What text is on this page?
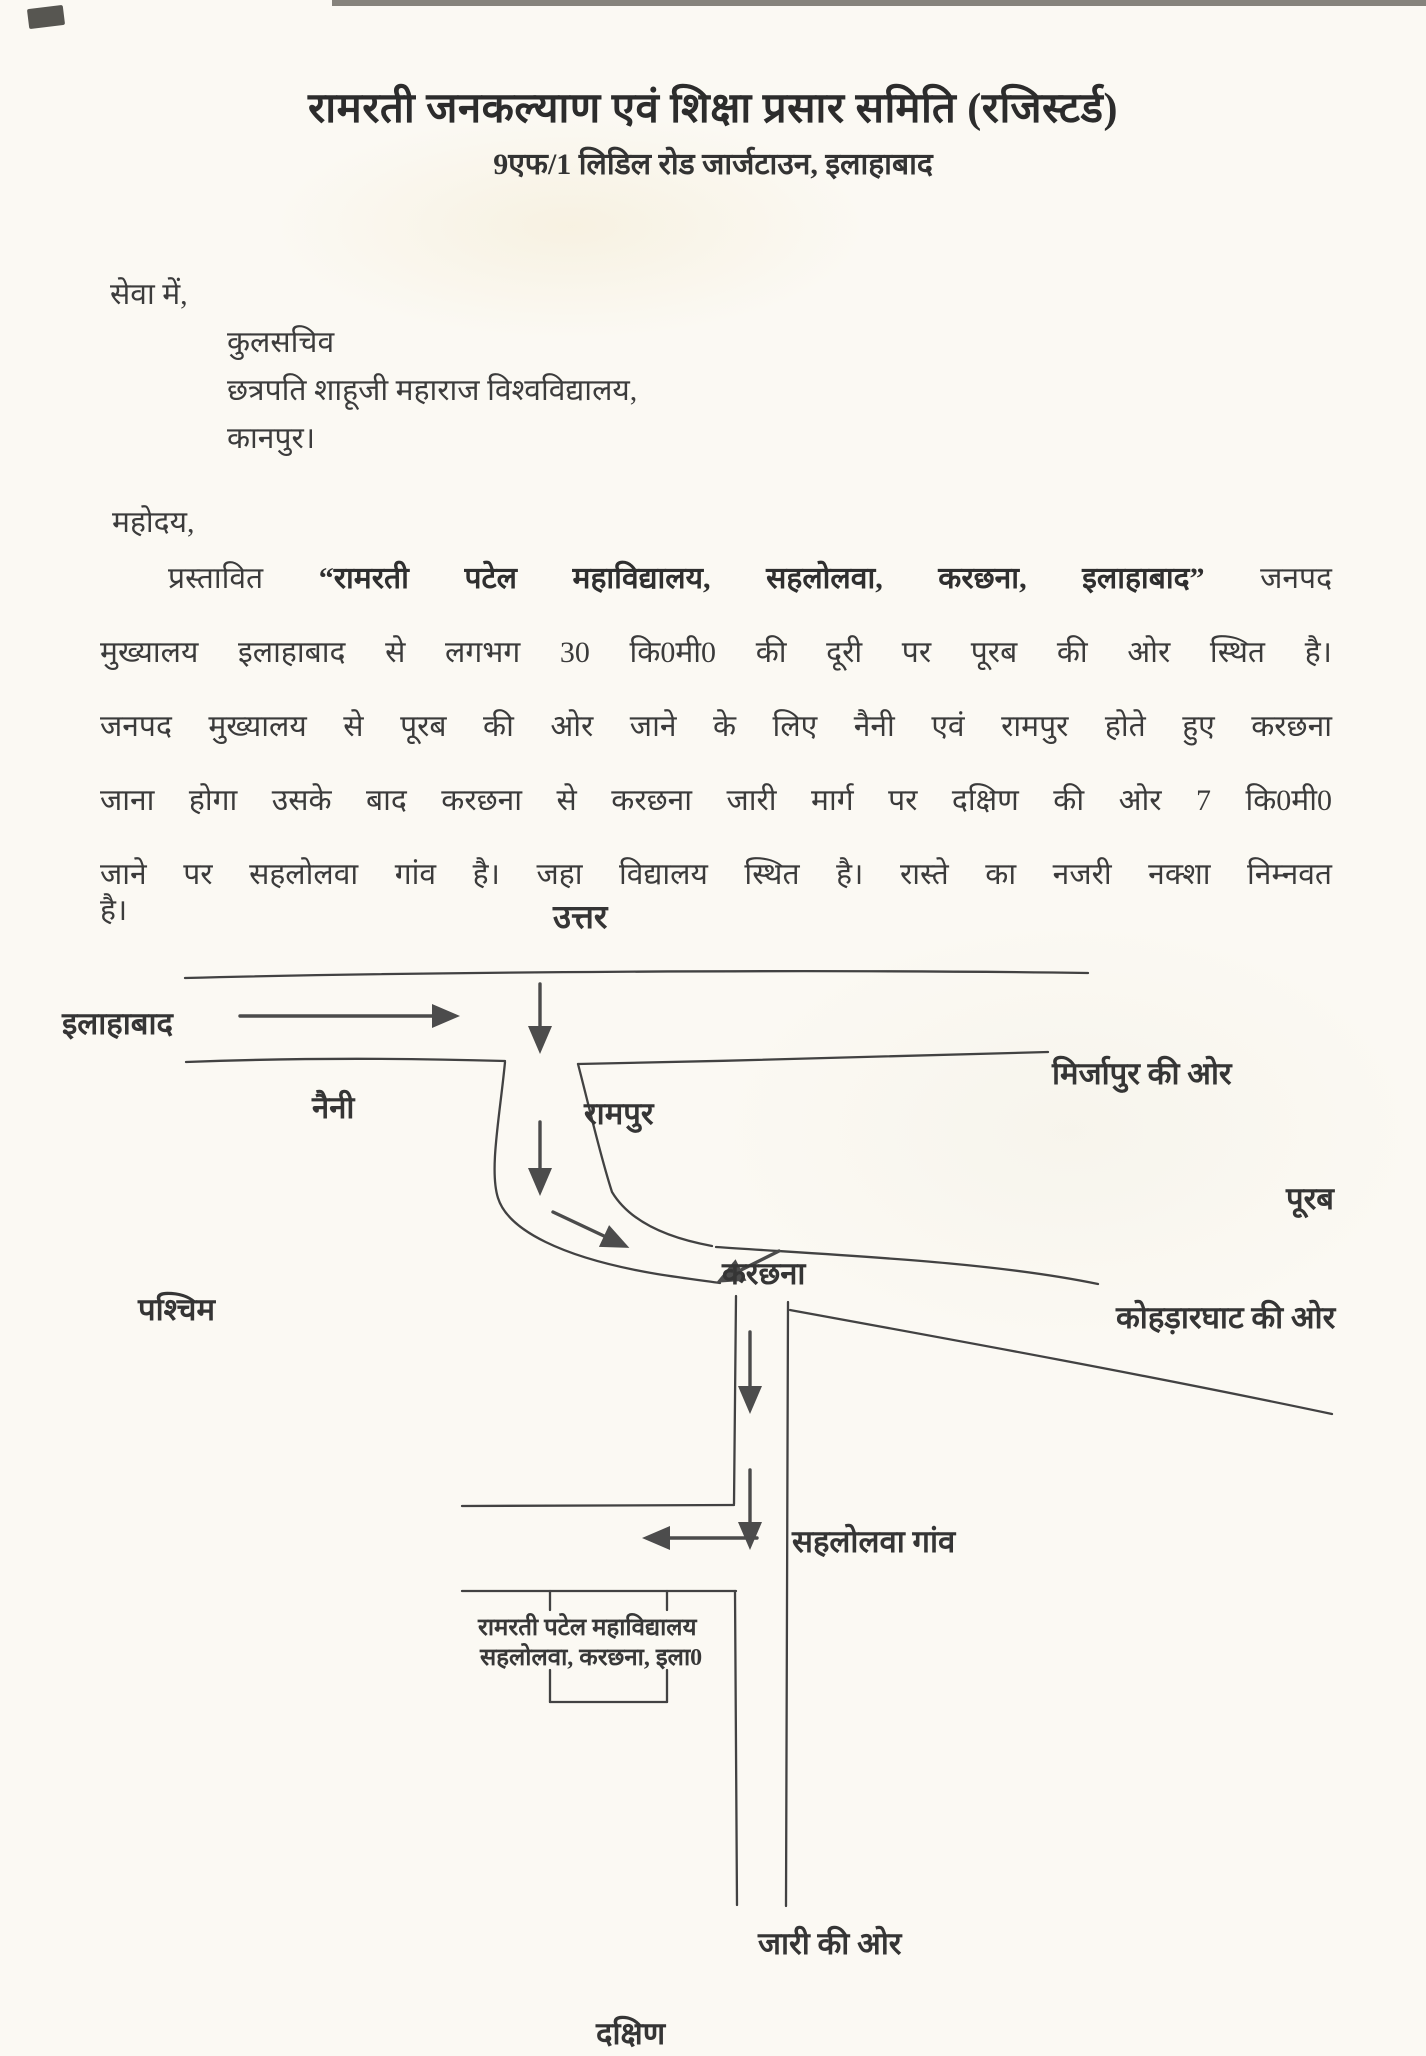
रामरती जनकल्याण एवं शिक्षा प्रसार समिति (रजिस्टर्ड)
9एफ/1 लिडिल रोड जार्जटाउन, इलाहाबाद
सेवा में,
कुलसचिव
छत्रपति शाहूजी महाराज विश्वविद्यालय,
कानपुर।
महोदय,
प्रस्तावित “रामरती पटेल महाविद्यालय, सहलोलवा, करछना, इलाहाबाद” जनपद
मुख्यालय इलाहाबाद से लगभग 30 कि0मी0 की दूरी पर पूरब की ओर स्थित है।
जनपद मुख्यालय से पूरब की ओर जाने के लिए नैनी एवं रामपुर होते हुए करछना
जाना होगा उसके बाद करछना से करछना जारी मार्ग पर दक्षिण की ओर 7 कि0मी0
जाने पर सहलोलवा गांव है। जहा विद्यालय स्थित है। रास्ते का नजरी नक्शा निम्नवत
है।	उत्तर
इलाहाबाद
नैनी	रामपुर
मिर्जापुर की ओर
पूरब
पश्चिम
करछना
कोहड़ारघाट की ओर
सहलोलवा गांव
जारी की ओर
दक्षिण
रामरती पटेल महाविद्यालय
सहलोलवा, करछना, इला0
